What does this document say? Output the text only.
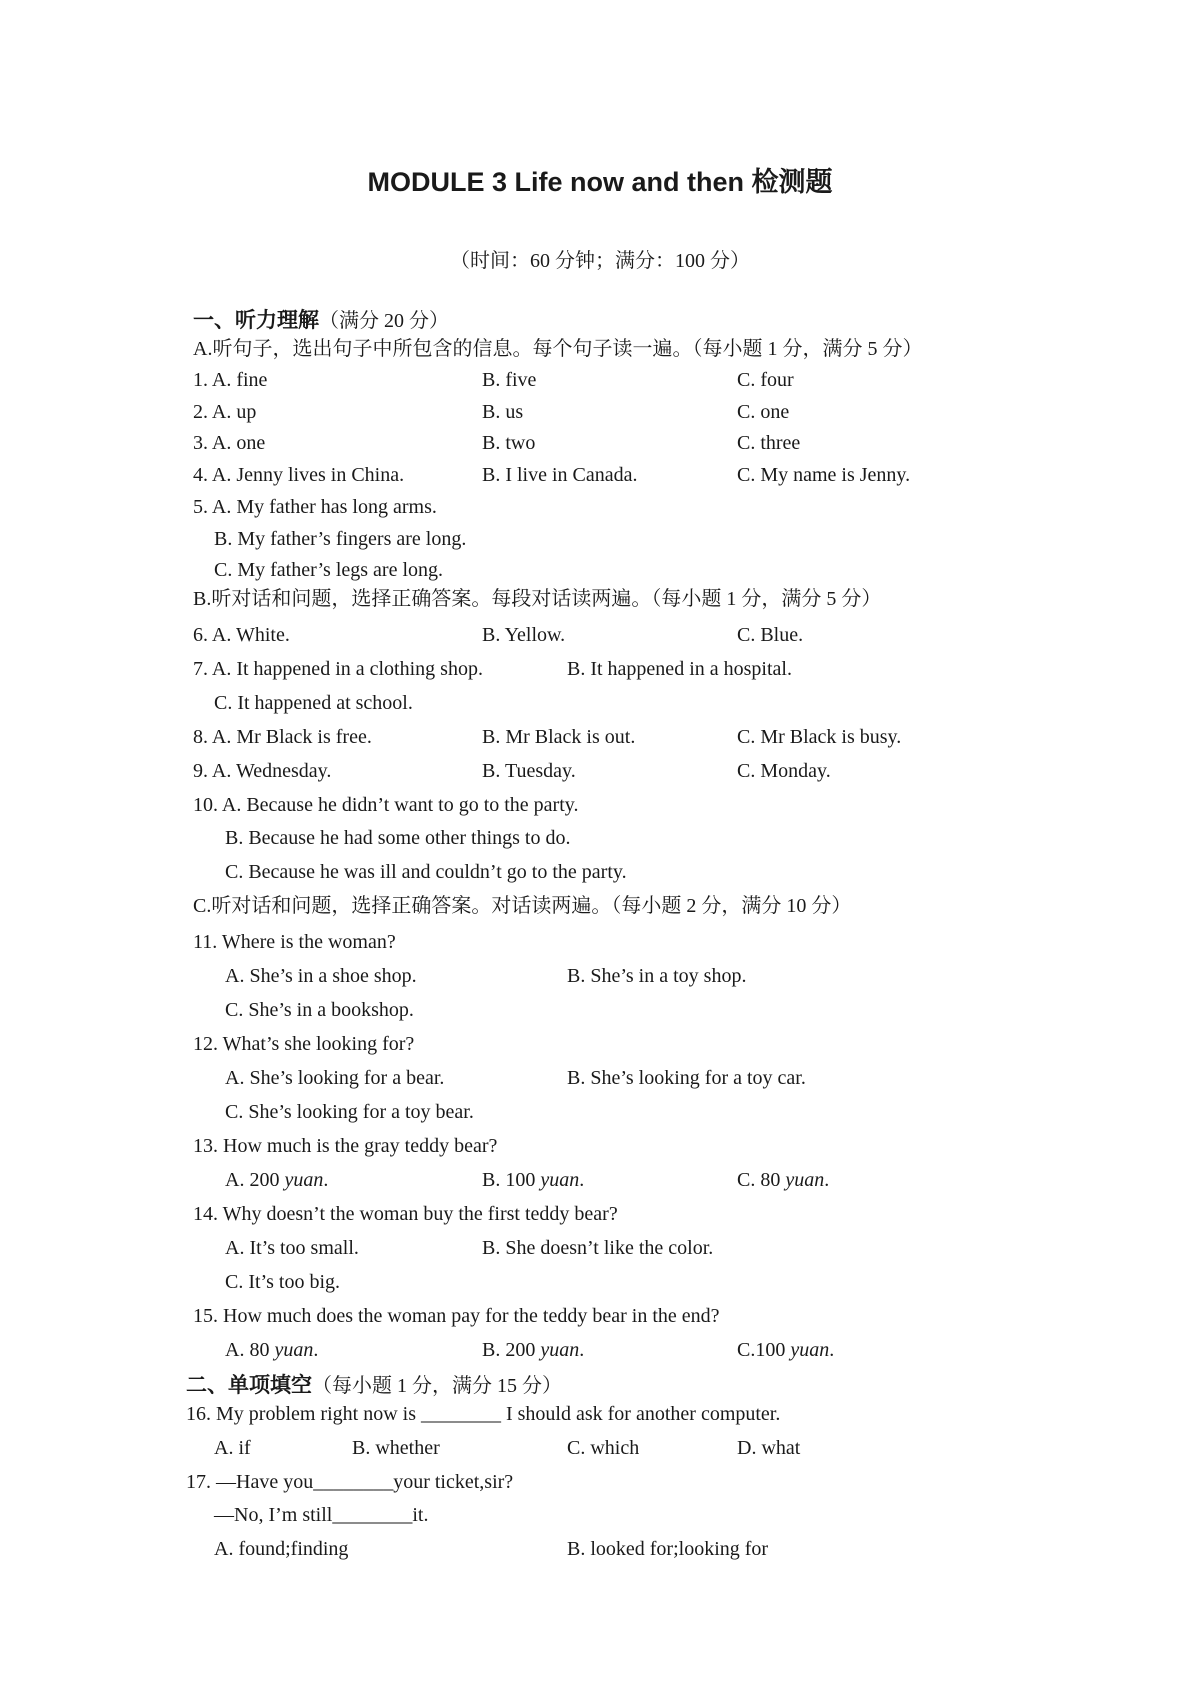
MODULE 3 Life now and then 检测题
（时间：60 分钟；满分：100 分）
一、听力理解（满分 20 分）
A.听句子，选出句子中所包含的信息。每个句子读一遍。（每小题 1 分，满分 5 分）
1. A. fine	B. five	C. four
2. A. up	B. us	C. one
3. A. one	B. two	C. three
4. A. Jenny lives in China.	B. I live in Canada.	C. My name is Jenny.
5. A. My father has long arms.
B. My father’s fingers are long.
C. My father’s legs are long.
B.听对话和问题，选择正确答案。每段对话读两遍。（每小题 1 分，满分 5 分）
6. A. White.	B. Yellow.	C. Blue.
7. A. It happened in a clothing shop.	B. It happened in a hospital.
C. It happened at school.
8. A. Mr Black is free.	B. Mr Black is out.	C. Mr Black is busy.
9. A. Wednesday.	B. Tuesday.	C. Monday.
10. A. Because he didn’t want to go to the party.
B. Because he had some other things to do.
C. Because he was ill and couldn’t go to the party.
C.听对话和问题，选择正确答案。对话读两遍。（每小题 2 分，满分 10 分）
11. Where is the woman?
A. She’s in a shoe shop.	B. She’s in a toy shop.
C. She’s in a bookshop.
12. What’s she looking for?
A. She’s looking for a bear.	B. She’s looking for a toy car.
C. She’s looking for a toy bear.
13. How much is the gray teddy bear?
A. 200 yuan.	B. 100 yuan.	C. 80 yuan.
14. Why doesn’t the woman buy the first teddy bear?
A. It’s too small.	B. She doesn’t like the color.
C. It’s too big.
15. How much does the woman pay for the teddy bear in the end?
A. 80 yuan.	B. 200 yuan.	C.100 yuan.
二、单项填空（每小题 1 分，满分 15 分）
16. My problem right now is ________ I should ask for another computer.
A. if	B. whether	C. which	D. what
17. —Have you________your ticket,sir?
—No, I’m still________it.
A. found;finding	B. looked for;looking for
